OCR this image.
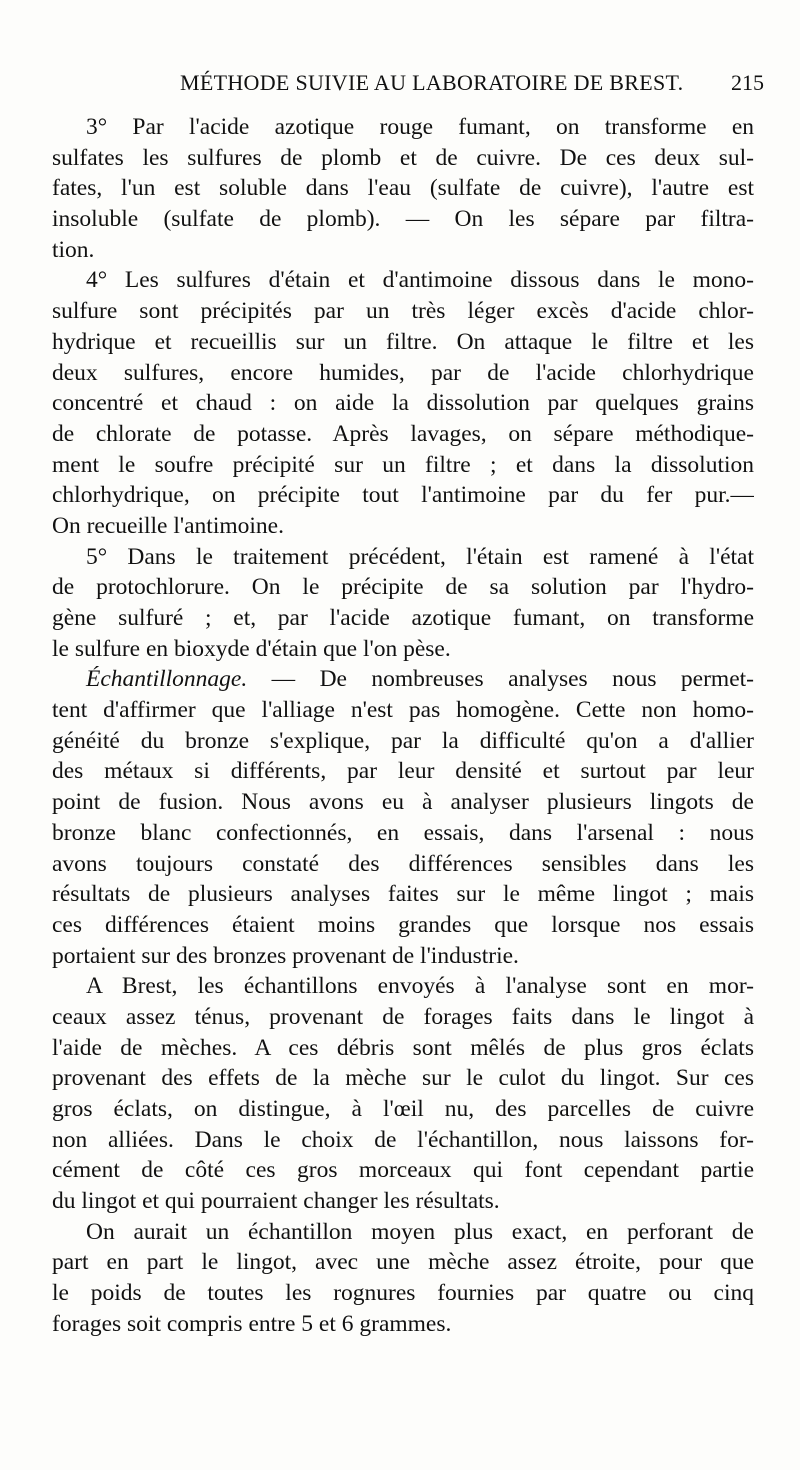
MÉTHODE SUIVIE AU LABORATOIRE DE BREST. 215
3° Par l'acide azotique rouge fumant, on transforme en
sulfates les sulfures de plomb et de cuivre. De ces deux sul-
fates, l'un est soluble dans l'eau (sulfate de cuivre), l'autre est
insoluble (sulfate de plomb). — On les sépare par filtra-
tion.
4° Les sulfures d'étain et d'antimoine dissous dans le mono-
sulfure sont précipités par un très léger excès d'acide chlor-
hydrique et recueillis sur un filtre. On attaque le filtre et les
deux sulfures, encore humides, par de l'acide chlorhydrique
concentré et chaud : on aide la dissolution par quelques grains
de chlorate de potasse. Après lavages, on sépare méthodique-
ment le soufre précipité sur un filtre ; et dans la dissolution
chlorhydrique, on précipite tout l'antimoine par du fer pur.—
On recueille l'antimoine.
5° Dans le traitement précédent, l'étain est ramené à l'état
de protochlorure. On le précipite de sa solution par l'hydro-
gène sulfuré ; et, par l'acide azotique fumant, on transforme
le sulfure en bioxyde d'étain que l'on pèse.
Échantillonnage. — De nombreuses analyses nous permet-
tent d'affirmer que l'alliage n'est pas homogène. Cette non homo-
généité du bronze s'explique, par la difficulté qu'on a d'allier
des métaux si différents, par leur densité et surtout par leur
point de fusion. Nous avons eu à analyser plusieurs lingots de
bronze blanc confectionnés, en essais, dans l'arsenal : nous
avons toujours constaté des différences sensibles dans les
résultats de plusieurs analyses faites sur le même lingot ; mais
ces différences étaient moins grandes que lorsque nos essais
portaient sur des bronzes provenant de l'industrie.
A Brest, les échantillons envoyés à l'analyse sont en mor-
ceaux assez ténus, provenant de forages faits dans le lingot à
l'aide de mèches. A ces débris sont mêlés de plus gros éclats
provenant des effets de la mèche sur le culot du lingot. Sur ces
gros éclats, on distingue, à l'œil nu, des parcelles de cuivre
non alliées. Dans le choix de l'échantillon, nous laissons for-
cément de côté ces gros morceaux qui font cependant partie
du lingot et qui pourraient changer les résultats.
On aurait un échantillon moyen plus exact, en perforant de
part en part le lingot, avec une mèche assez étroite, pour que
le poids de toutes les rognures fournies par quatre ou cinq
forages soit compris entre 5 et 6 grammes.
